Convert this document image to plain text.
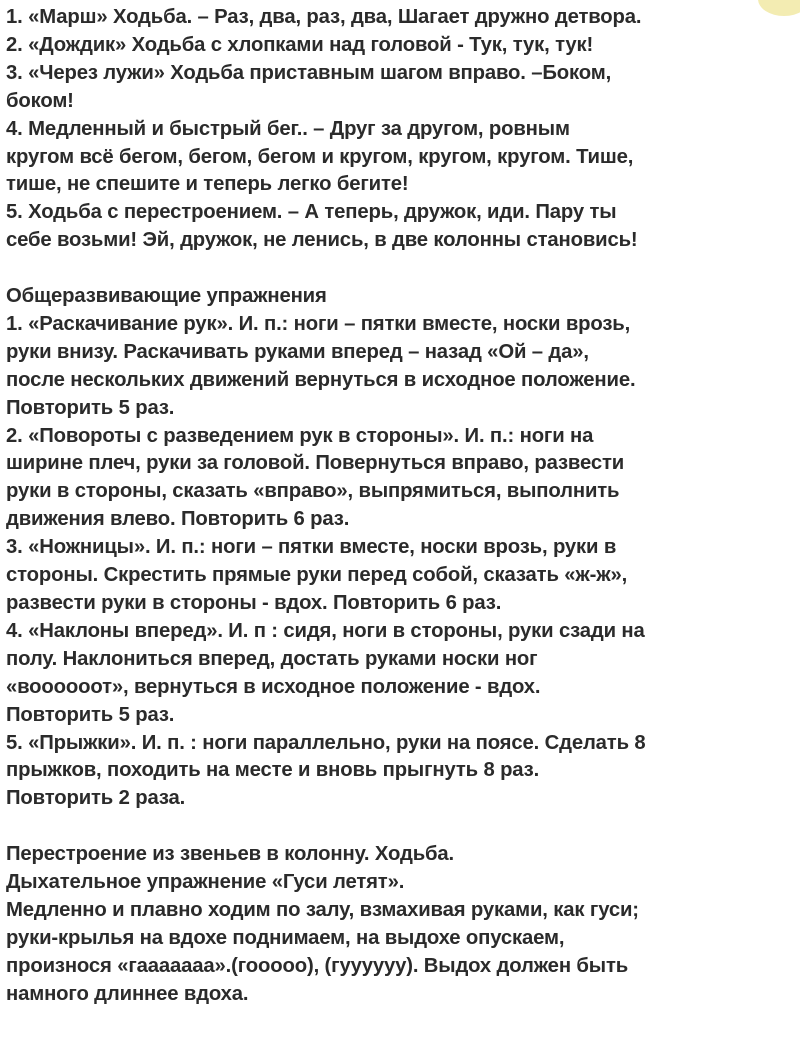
1. «Марш» Ходьба. – Раз, два, раз, два, Шагает дружно детвора.
2. «Дождик» Ходьба с хлопками над головой - Тук, тук, тук!
3. «Через лужи» Ходьба приставным шагом вправо. –Боком,
боком!
4. Медленный и быстрый бег.. – Друг за другом, ровным
кругом всё бегом, бегом, бегом и кругом, кругом, кругом. Тише,
тише, не спешите и теперь легко бегите!
5. Ходьба с перестроением. – А теперь, дружок, иди. Пару ты
себе возьми! Эй, дружок, не ленись, в две колонны становись!
Общеразвивающие упражнения
1. «Раскачивание рук». И. п.: ноги – пятки вместе, носки врозь,
руки внизу. Раскачивать руками вперед – назад «Ой – да»,
после нескольких движений вернуться в исходное положение.
Повторить 5 раз.
2. «Повороты с разведением рук в стороны». И. п.: ноги на
ширине плеч, руки за головой. Повернуться вправо, развести
руки в стороны, сказать «вправо», выпрямиться, выполнить
движения влево. Повторить 6 раз.
3. «Ножницы». И. п.: ноги – пятки вместе, носки врозь, руки в
стороны. Скрестить прямые руки перед собой, сказать «ж-ж»,
развести руки в стороны - вдох. Повторить 6 раз.
4. «Наклоны вперед». И. п : сидя, ноги в стороны, руки сзади на
полу. Наклониться вперед, достать руками носки ног
«вооооoот», вернуться в исходное положение - вдох.
Повторить 5 раз.
5. «Прыжки». И. п. : ноги параллельно, руки на поясе. Сделать 8
прыжков, походить на месте и вновь прыгнуть 8 раз.
Повторить 2 раза.
Перестроение из звеньев в колонну. Ходьба.
Дыхательное упражнение «Гуси летят».
Медленно и плавно ходим по залу, взмахивая руками, как гуси;
руки-крылья на вдохе поднимаем, на выдохе опускаем,
произнося «гааааааа».(гооооо), (гуууууу). Выдох должен быть
намного длиннее вдоха.
